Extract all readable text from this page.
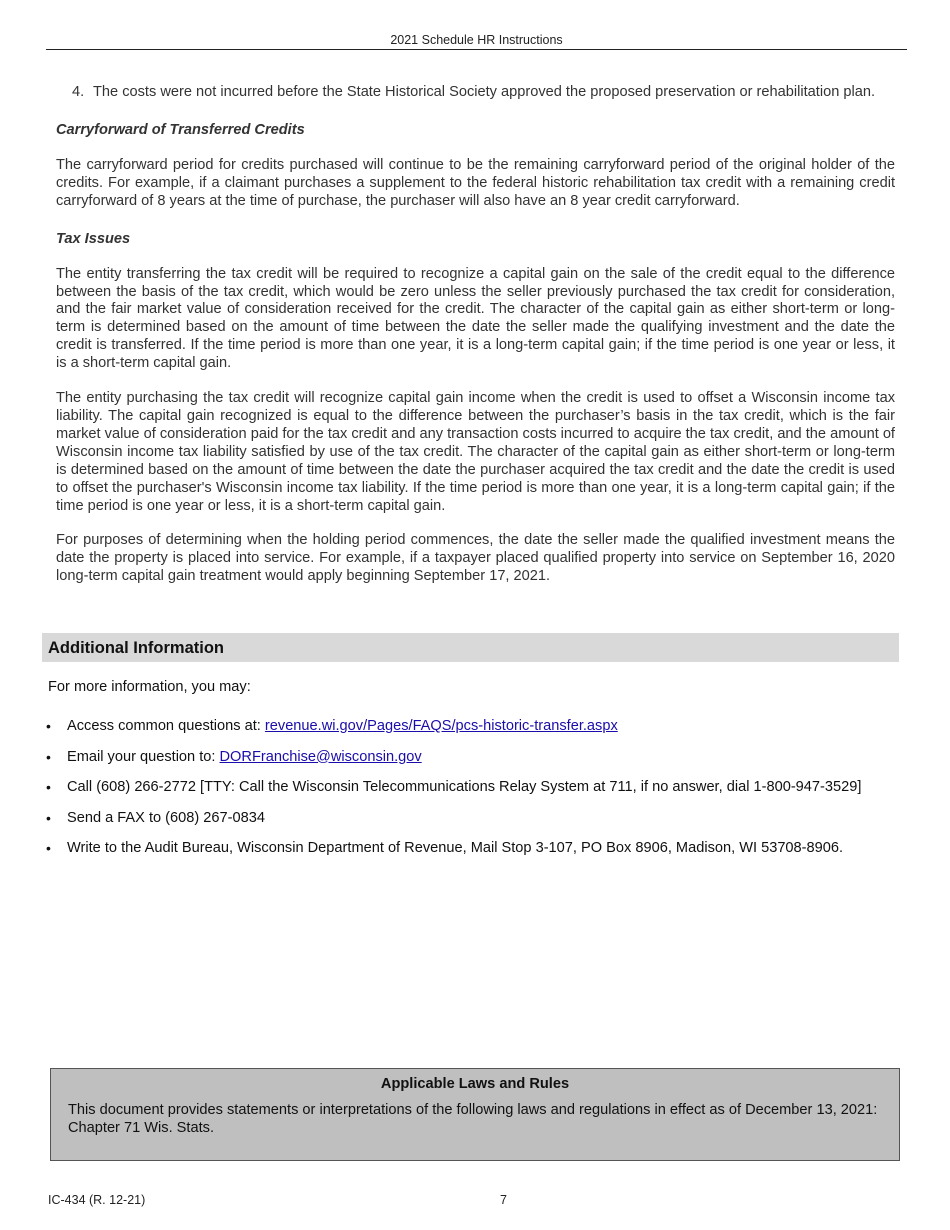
2021 Schedule HR Instructions
4. The costs were not incurred before the State Historical Society approved the proposed preservation or rehabilitation plan.
Carryforward of Transferred Credits

The carryforward period for credits purchased will continue to be the remaining carryforward period of the original holder of the credits. For example, if a claimant purchases a supplement to the federal historic rehabilitation tax credit with a remaining credit carryforward of 8 years at the time of purchase, the purchaser will also have an 8 year credit carryforward.

Tax Issues

The entity transferring the tax credit will be required to recognize a capital gain on the sale of the credit equal to the difference between the basis of the tax credit, which would be zero unless the seller previously purchased the tax credit for consideration, and the fair market value of consideration received for the credit. The character of the capital gain as either short-term or long-term is determined based on the amount of time between the date the seller made the qualifying investment and the date the credit is transferred. If the time period is more than one year, it is a long-term capital gain; if the time period is one year or less, it is a short-term capital gain.

The entity purchasing the tax credit will recognize capital gain income when the credit is used to offset a Wisconsin income tax liability. The capital gain recognized is equal to the difference between the purchaser’s basis in the tax credit, which is the fair market value of consideration paid for the tax credit and any transaction costs incurred to acquire the tax credit, and the amount of Wisconsin income tax liability satisfied by use of the tax credit. The character of the capital gain as either short-term or long-term is determined based on the amount of time between the date the purchaser acquired the tax credit and the date the credit is used to offset the purchaser's Wisconsin income tax liability. If the time period is more than one year, it is a long-term capital gain; if the time period is one year or less, it is a short-term capital gain.

For purposes of determining when the holding period commences, the date the seller made the qualified investment means the date the property is placed into service. For example, if a taxpayer placed qualified property into service on September 16, 2020 long-term capital gain treatment would apply beginning September 17, 2021.

Additional Information
For more information, you may:
• Access common questions at: revenue.wi.gov/Pages/FAQS/pcs-historic-transfer.aspx
• Email your question to: DORFranchise@wisconsin.gov
• Call (608) 266-2772 [TTY: Call the Wisconsin Telecommunications Relay System at 711, if no answer, dial 1-800-947-3529]
• Send a FAX to (608) 267-0834
• Write to the Audit Bureau, Wisconsin Department of Revenue, Mail Stop 3-107, PO Box 8906, Madison, WI 53708-8906.
Applicable Laws and Rules

This document provides statements or interpretations of the following laws and regulations in effect as of December 13, 2021: Chapter 71 Wis. Stats.

IC-434 (R. 12-21)	7
